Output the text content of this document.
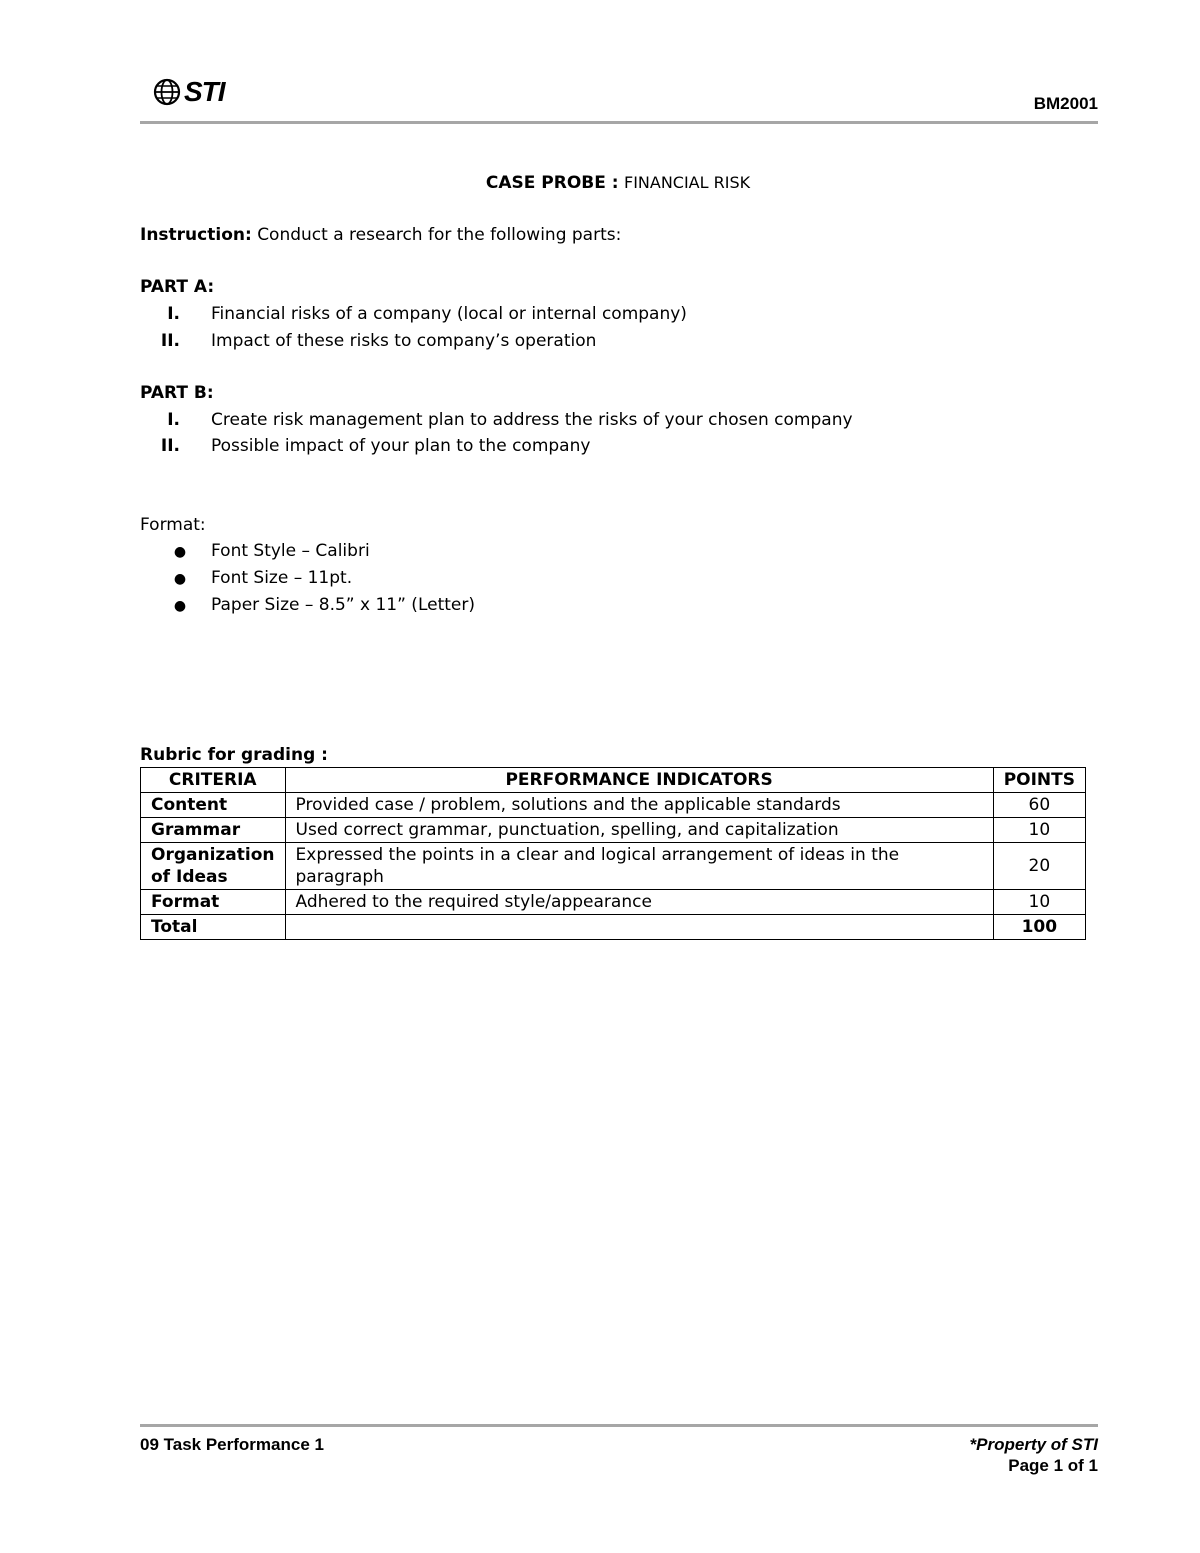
STI	BM2001
CASE PROBE : FINANCIAL RISK
Instruction: Conduct a research for the following parts:
PART A:
I. Financial risks of a company (local or internal company)
II. Impact of these risks to company’s operation
PART B:
I. Create risk management plan to address the risks of your chosen company
II. Possible impact of your plan to the company
Format:
● Font Style – Calibri
● Font Size – 11pt.
● Paper Size – 8.5” x 11” (Letter)
Rubric for grading :
CRITERIA	PERFORMANCE INDICATORS	POINTS
Content	Provided case / problem, solutions and the applicable standards	60
Grammar	Used correct grammar, punctuation, spelling, and capitalization	10
Organization of Ideas	Expressed the points in a clear and logical arrangement of ideas in the paragraph	20
Format	Adhered to the required style/appearance	10
Total		100
09 Task Performance 1	*Property of STI
Page 1 of 1
